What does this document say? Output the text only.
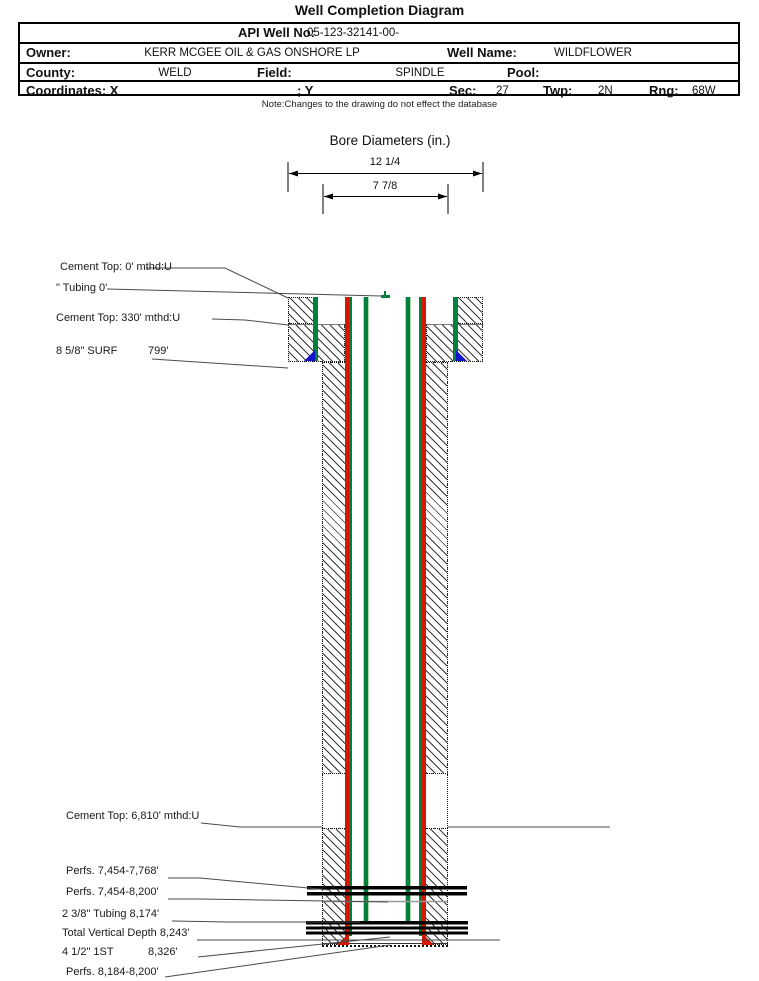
Well Completion Diagram
API Well No:
05-123-32141-00-
Owner:	KERR MCGEE OIL & GAS ONSHORE LP	Well Name:	WILDFLOWER
County:	WELD	Field:	SPINDLE	Pool:
Coordinates: X	; Y	Sec: 27	Twp: 2N	Rng: 68W
Note:Changes to the drawing do not effect the database
Bore Diameters (in.)
12 1/4
7 7/8
Cement Top: 0' mthd:U
" Tubing 0'
Cement Top: 330' mthd:U
8 5/8" SURF	799'
Cement Top: 6,810' mthd:U
Perfs. 7,454-7,768'
Perfs. 7,454-8,200'
2 3/8" Tubing 8,174'
Total Vertical Depth 8,243'
4 1/2" 1ST	8,326'
Perfs. 8,184-8,200'
